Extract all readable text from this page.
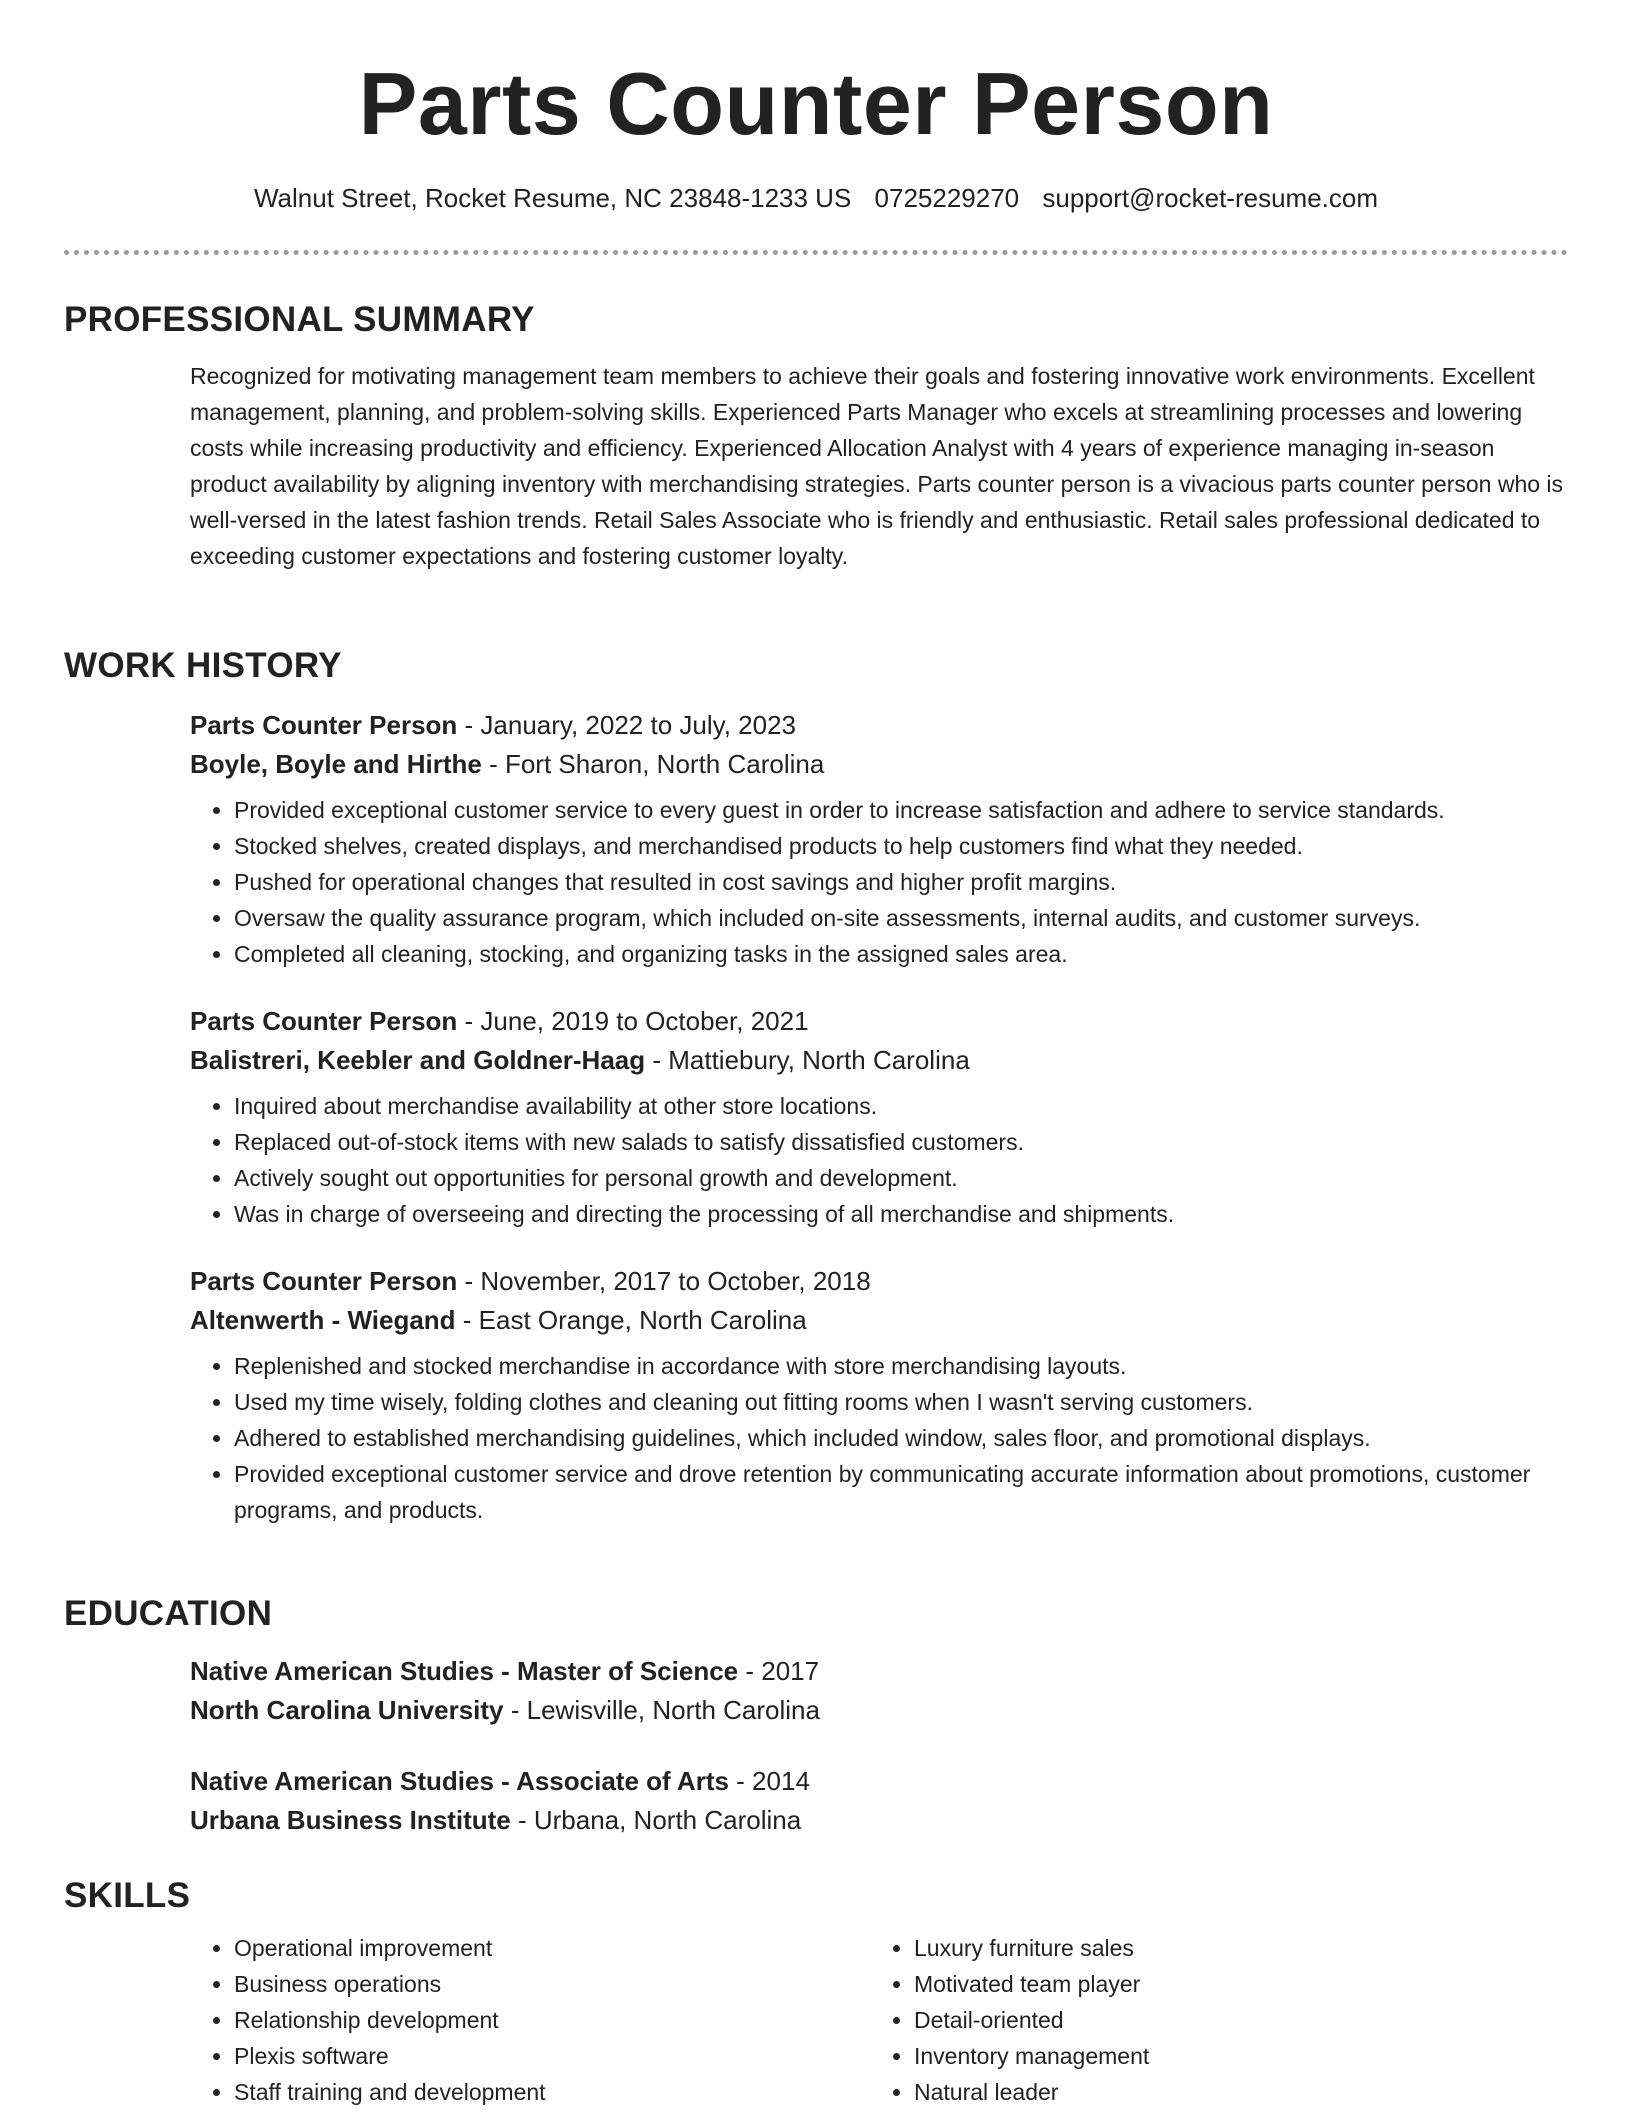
Parts Counter Person
Walnut Street, Rocket Resume, NC 23848-1233 US 0725229270 support@rocket-resume.com
PROFESSIONAL SUMMARY
Recognized for motivating management team members to achieve their goals and fostering innovative work environments. Excellent management, planning, and problem-solving skills. Experienced Parts Manager who excels at streamlining processes and lowering costs while increasing productivity and efficiency. Experienced Allocation Analyst with 4 years of experience managing in-season product availability by aligning inventory with merchandising strategies. Parts counter person is a vivacious parts counter person who is well-versed in the latest fashion trends. Retail Sales Associate who is friendly and enthusiastic. Retail sales professional dedicated to exceeding customer expectations and fostering customer loyalty.
WORK HISTORY
Parts Counter Person - January, 2022 to July, 2023
Boyle, Boyle and Hirthe - Fort Sharon, North Carolina
• Provided exceptional customer service to every guest in order to increase satisfaction and adhere to service standards.
• Stocked shelves, created displays, and merchandised products to help customers find what they needed.
• Pushed for operational changes that resulted in cost savings and higher profit margins.
• Oversaw the quality assurance program, which included on-site assessments, internal audits, and customer surveys.
• Completed all cleaning, stocking, and organizing tasks in the assigned sales area.
Parts Counter Person - June, 2019 to October, 2021
Balistreri, Keebler and Goldner-Haag - Mattiebury, North Carolina
• Inquired about merchandise availability at other store locations.
• Replaced out-of-stock items with new salads to satisfy dissatisfied customers.
• Actively sought out opportunities for personal growth and development.
• Was in charge of overseeing and directing the processing of all merchandise and shipments.
Parts Counter Person - November, 2017 to October, 2018
Altenwerth - Wiegand - East Orange, North Carolina
• Replenished and stocked merchandise in accordance with store merchandising layouts.
• Used my time wisely, folding clothes and cleaning out fitting rooms when I wasn't serving customers.
• Adhered to established merchandising guidelines, which included window, sales floor, and promotional displays.
• Provided exceptional customer service and drove retention by communicating accurate information about promotions, customer programs, and products.
EDUCATION
Native American Studies - Master of Science - 2017
North Carolina University - Lewisville, North Carolina
Native American Studies - Associate of Arts - 2014
Urbana Business Institute - Urbana, North Carolina
SKILLS
• Operational improvement
• Business operations
• Relationship development
• Plexis software
• Staff training and development
• Luxury furniture sales
• Motivated team player
• Detail-oriented
• Inventory management
• Natural leader
